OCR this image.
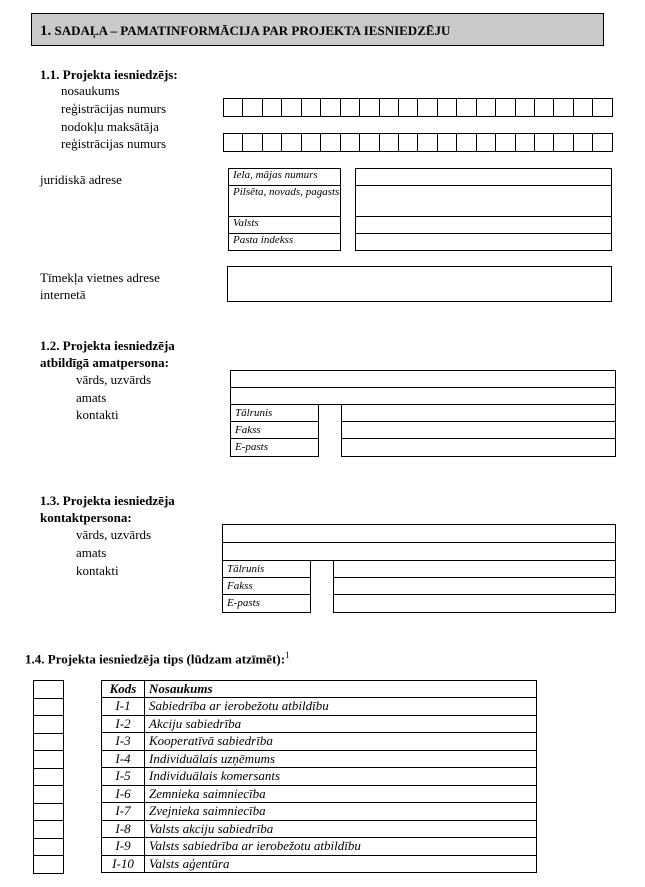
1. SADAĻA – PAMATINFORMĀCIJA PAR PROJEKTA IESNIEDZĒJU
1.1. Projekta iesniedzējs:
nosaukums
reģistrācijas numurs
nodokļu maksātāja
reģistrācijas numurs
juridiskā adrese	Iela, mājas numurs
Pilsēta, novads, pagasts
Valsts
Pasta indekss
Tīmekļa vietnes adrese
internetā
1.2. Projekta iesniedzēja
atbildīgā amatpersona:
vārds, uzvārds
amats
kontakti	Tālrunis
Fakss
E-pasts
1.3. Projekta iesniedzēja
kontaktpersona:
vārds, uzvārds
amats
kontakti	Tālrunis
Fakss
E-pasts
1.4. Projekta iesniedzēja tips (lūdzam atzīmēt):$^1$

Kods	Nosaukums
I-1	Sabiedrība ar ierobežotu atbildību
I-2	Akciju sabiedrība
I-3	Kooperatīvā sabiedrība
I-4	Individuālais uzņēmums
I-5	Individuālais komersants
I-6	Zemnieka saimniecība
I-7	Zvejnieka saimniecība
I-8	Valsts akciju sabiedrība
I-9	Valsts sabiedrība ar ierobežotu atbildību
I-10	Valsts aģentūra
